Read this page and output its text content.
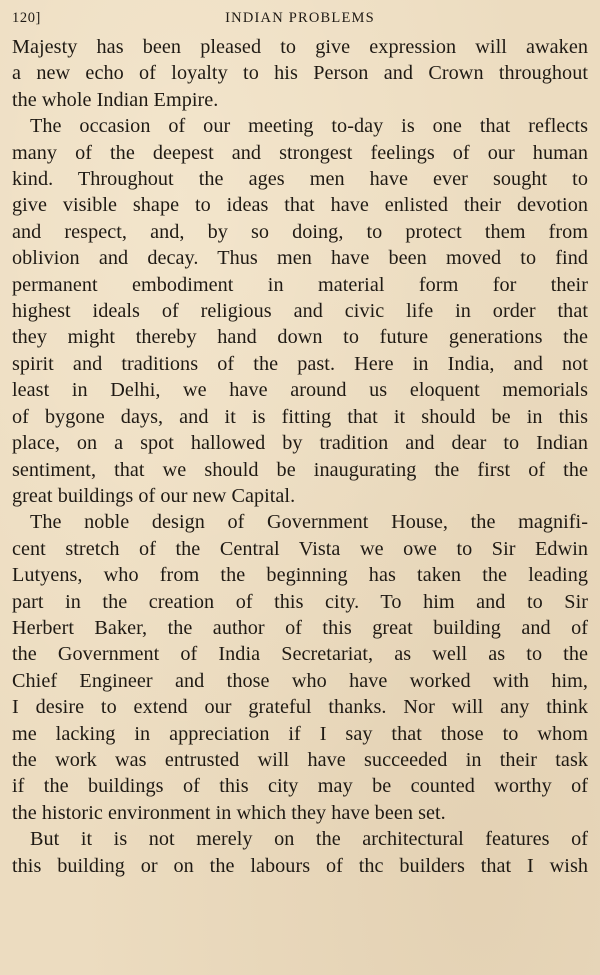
120]	INDIAN PROBLEMS

Majesty has been pleased to give expression will awaken
a new echo of loyalty to his Person and Crown throughout
the whole Indian Empire.

The occasion of our meeting to-day is one that reflects
many of the deepest and strongest feelings of our human
kind. Throughout the ages men have ever sought to
give visible shape to ideas that have enlisted their devotion
and respect, and, by so doing, to protect them from
oblivion and decay. Thus men have been moved to find
permanent embodiment in material form for their
highest ideals of religious and civic life in order that
they might thereby hand down to future generations the
spirit and traditions of the past. Here in India, and not
least in Delhi, we have around us eloquent memorials
of bygone days, and it is fitting that it should be in this
place, on a spot hallowed by tradition and dear to Indian
sentiment, that we should be inaugurating the first of the
great buildings of our new Capital.

The noble design of Government House, the magnifi-
cent stretch of the Central Vista we owe to Sir Edwin
Lutyens, who from the beginning has taken the leading
part in the creation of this city. To him and to Sir
Herbert Baker, the author of this great building and of
the Government of India Secretariat, as well as to the
Chief Engineer and those who have worked with him,
I desire to extend our grateful thanks. Nor will any think
me lacking in appreciation if I say that those to whom
the work was entrusted will have succeeded in their task
if the buildings of this city may be counted worthy of
the historic environment in which they have been set.

But it is not merely on the architectural features of
this building or on the labours of thc builders that I wish
